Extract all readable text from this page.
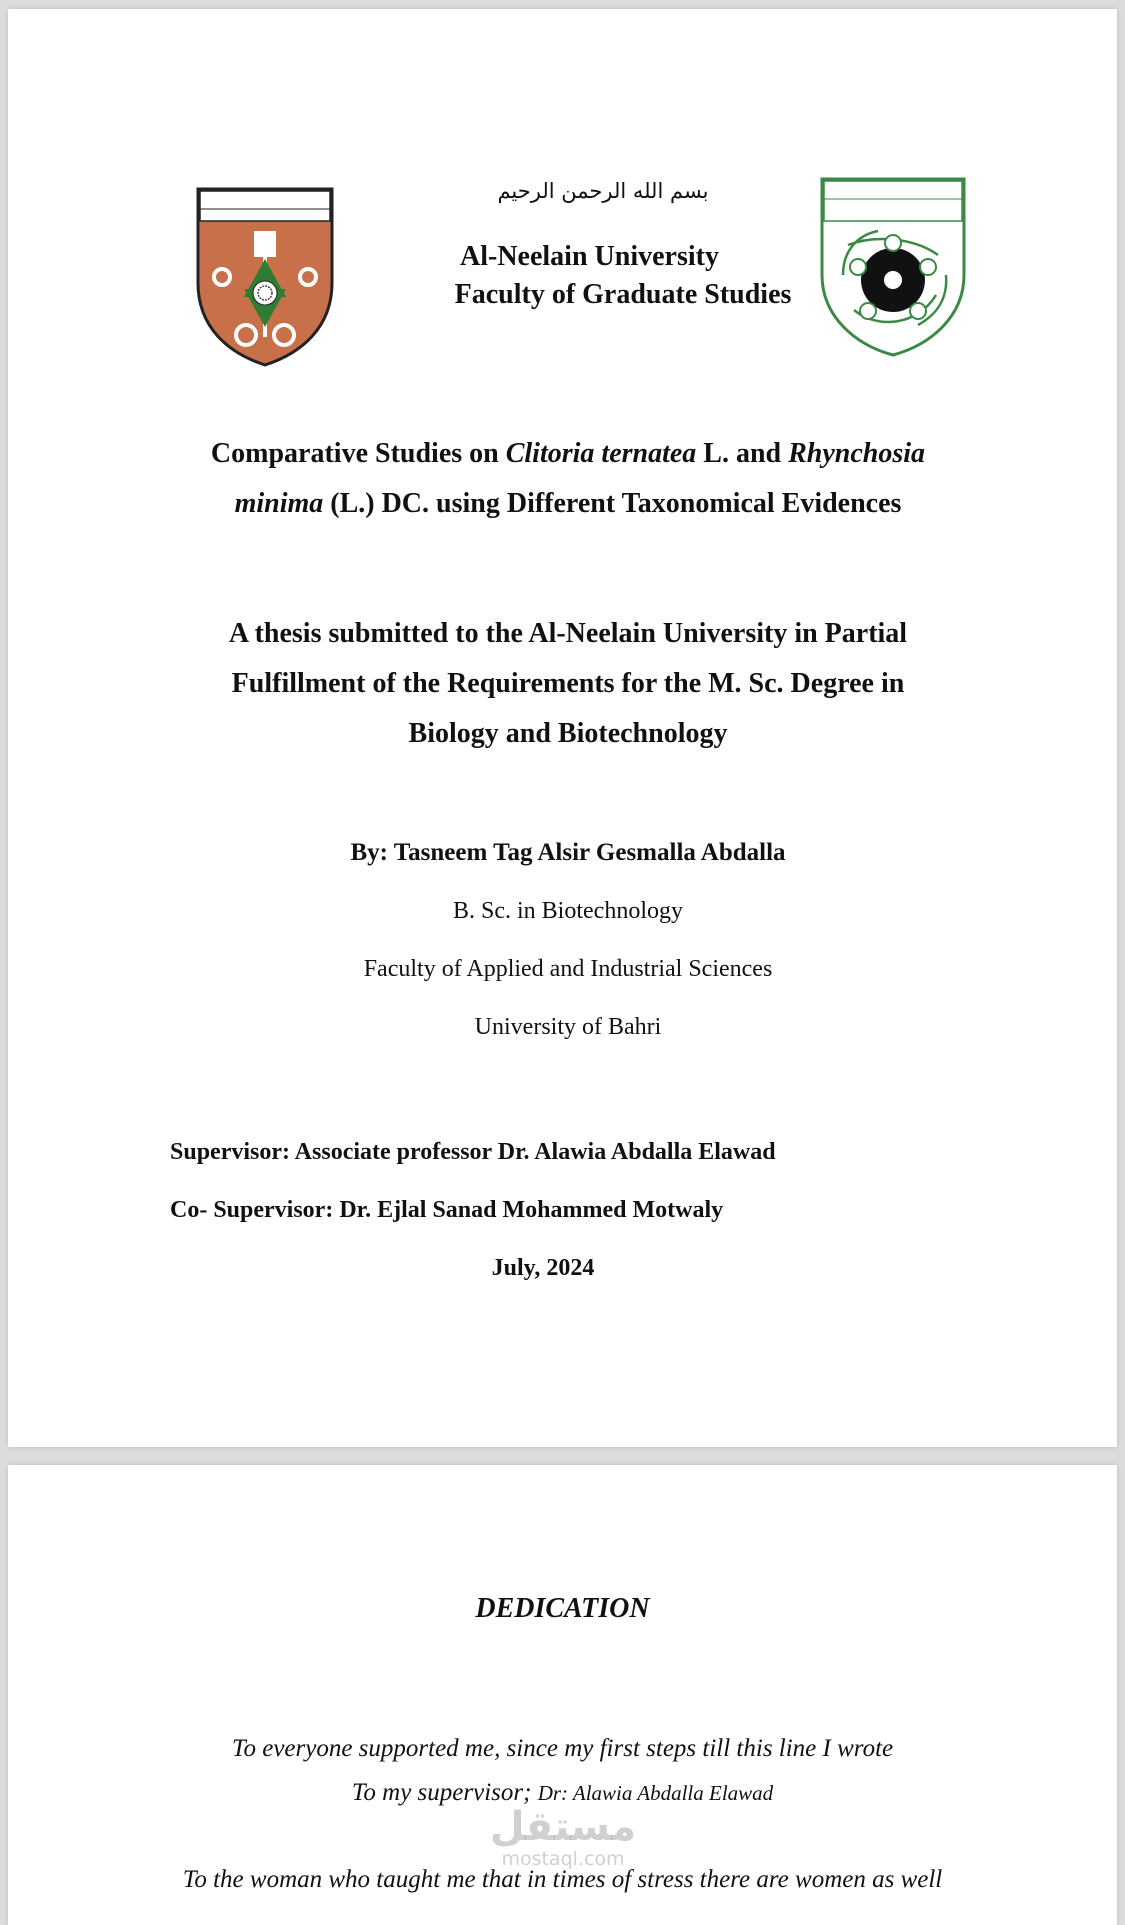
بسم الله الرحمن الرحيم
Al-Neelain University
Faculty of Graduate Studies
Comparative Studies on Clitoria ternatea L. and Rhynchosia
minima (L.) DC. using Different Taxonomical Evidences
A thesis submitted to the Al-Neelain University in Partial
Fulfillment of the Requirements for the M. Sc. Degree in
Biology and Biotechnology
By: Tasneem Tag Alsir Gesmalla Abdalla
B. Sc. in Biotechnology
Faculty of Applied and Industrial Sciences
University of Bahri
Supervisor: Associate professor Dr. Alawia Abdalla Elawad
Co- Supervisor: Dr. Ejlal Sanad Mohammed Motwaly
July, 2024
DEDICATION
To everyone supported me, since my first steps till this line I wrote
To my supervisor; Dr: Alawia Abdalla Elawad
To the woman who taught me that in times of stress there are women as well
مستقل
mostaql.com
